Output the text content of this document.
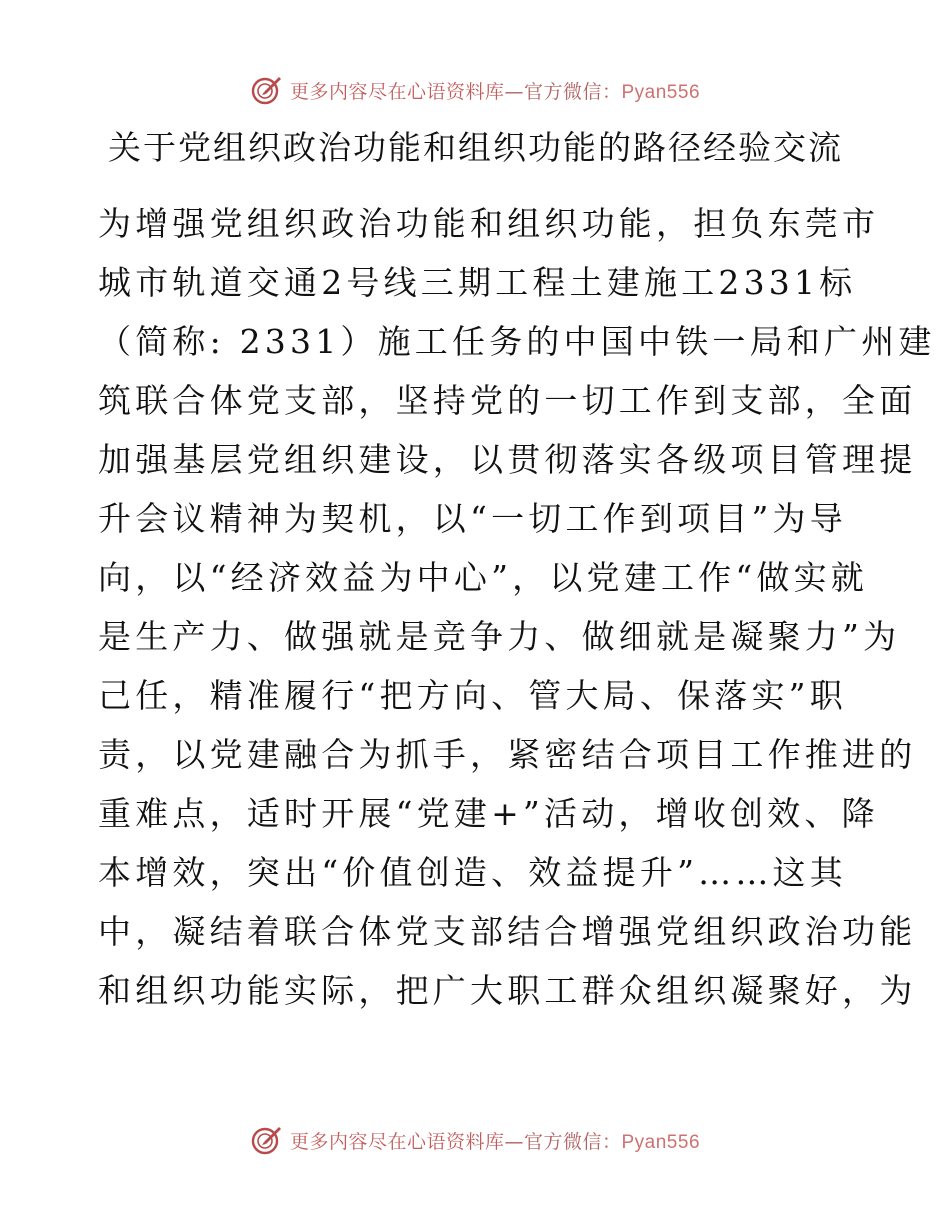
更多内容尽在心语资料库—官方微信：Pyan556
关于党组织政治功能和组织功能的路径经验交流
为增强党组织政治功能和组织功能，担负东莞市
城市轨道交通2号线三期工程土建施工2331标
（简称: 2331）施工任务的中国中铁一局和广州建
筑联合体党支部，坚持党的一切工作到支部，全面
加强基层党组织建设，以贯彻落实各级项目管理提
升会议精神为契机，以“一切工作到项目”为导
向，以“经济效益为中心”，以党建工作“做实就
是生产力、做强就是竞争力、做细就是凝聚力”为
己任，精准履行“把方向、管大局、保落实”职
责，以党建融合为抓手，紧密结合项目工作推进的
重难点，适时开展“党建+”活动，增收创效、降
本增效，突出“价值创造、效益提升”……这其
中，凝结着联合体党支部结合增强党组织政治功能
和组织功能实际，把广大职工群众组织凝聚好，为
更多内容尽在心语资料库—官方微信：Pyan556
